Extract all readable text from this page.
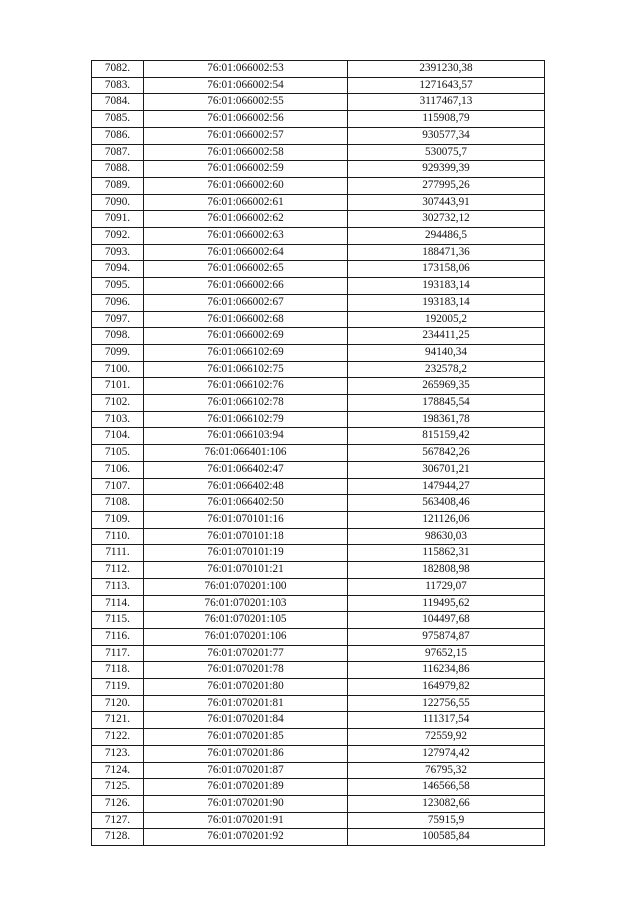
7082.	76:01:066002:53	2391230,38
7083.	76:01:066002:54	1271643,57
7084.	76:01:066002:55	3117467,13
7085.	76:01:066002:56	115908,79
7086.	76:01:066002:57	930577,34
7087.	76:01:066002:58	530075,7
7088.	76:01:066002:59	929399,39
7089.	76:01:066002:60	277995,26
7090.	76:01:066002:61	307443,91
7091.	76:01:066002:62	302732,12
7092.	76:01:066002:63	294486,5
7093.	76:01:066002:64	188471,36
7094.	76:01:066002:65	173158,06
7095.	76:01:066002:66	193183,14
7096.	76:01:066002:67	193183,14
7097.	76:01:066002:68	192005,2
7098.	76:01:066002:69	234411,25
7099.	76:01:066102:69	94140,34
7100.	76:01:066102:75	232578,2
7101.	76:01:066102:76	265969,35
7102.	76:01:066102:78	178845,54
7103.	76:01:066102:79	198361,78
7104.	76:01:066103:94	815159,42
7105.	76:01:066401:106	567842,26
7106.	76:01:066402:47	306701,21
7107.	76:01:066402:48	147944,27
7108.	76:01:066402:50	563408,46
7109.	76:01:070101:16	121126,06
7110.	76:01:070101:18	98630,03
7111.	76:01:070101:19	115862,31
7112.	76:01:070101:21	182808,98
7113.	76:01:070201:100	11729,07
7114.	76:01:070201:103	119495,62
7115.	76:01:070201:105	104497,68
7116.	76:01:070201:106	975874,87
7117.	76:01:070201:77	97652,15
7118.	76:01:070201:78	116234,86
7119.	76:01:070201:80	164979,82
7120.	76:01:070201:81	122756,55
7121.	76:01:070201:84	111317,54
7122.	76:01:070201:85	72559,92
7123.	76:01:070201:86	127974,42
7124.	76:01:070201:87	76795,32
7125.	76:01:070201:89	146566,58
7126.	76:01:070201:90	123082,66
7127.	76:01:070201:91	75915,9
7128.	76:01:070201:92	100585,84
